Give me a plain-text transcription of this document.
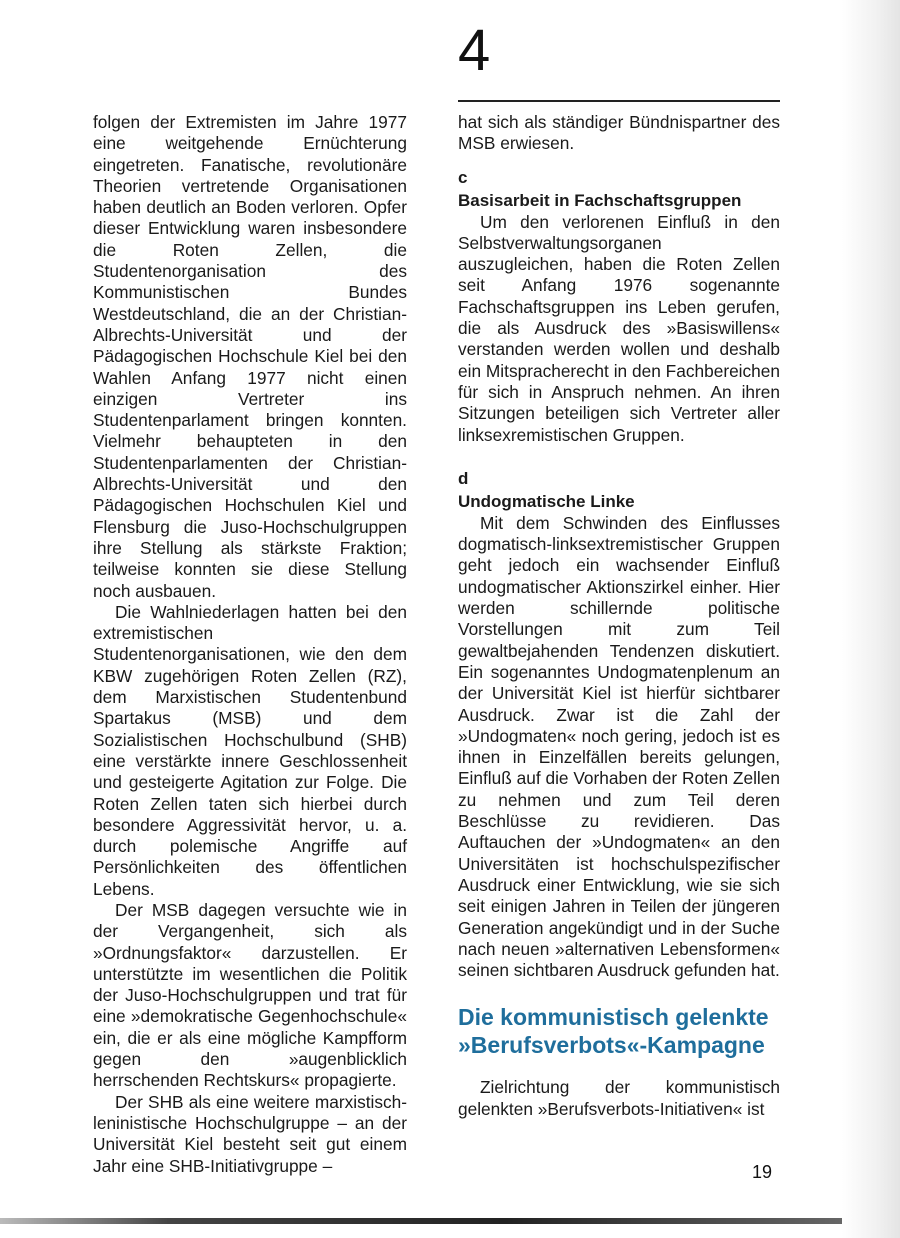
4

folgen der Extremisten im Jahre 1977 eine weitgehende Ernüchterung eingetreten. Fanatische, revolutionäre Theorien vertretende Organisationen haben deutlich an Boden verloren. Opfer dieser Entwicklung waren insbesondere die Roten Zellen, die Studentenorganisation des Kommunistischen Bundes Westdeutschland, die an der Christian-Albrechts-Universität und der Pädagogischen Hochschule Kiel bei den Wahlen Anfang 1977 nicht einen einzigen Vertreter ins Studentenparlament bringen konnten. Vielmehr behaupteten in den Studentenparlamenten der Christian-Albrechts-Universität und den Pädagogischen Hochschulen Kiel und Flensburg die Juso-Hochschulgruppen ihre Stellung als stärkste Fraktion; teilweise konnten sie diese Stellung noch ausbauen.

Die Wahlniederlagen hatten bei den extremistischen Studentenorganisationen, wie den dem KBW zugehörigen Roten Zellen (RZ), dem Marxistischen Studentenbund Spartakus (MSB) und dem Sozialistischen Hochschulbund (SHB) eine verstärkte innere Geschlossenheit und gesteigerte Agitation zur Folge. Die Roten Zellen taten sich hierbei durch besondere Aggressivität hervor, u. a. durch polemische Angriffe auf Persönlichkeiten des öffentlichen Lebens.

Der MSB dagegen versuchte wie in der Vergangenheit, sich als »Ordnungsfaktor« darzustellen. Er unterstützte im wesentlichen die Politik der Juso-Hochschulgruppen und trat für eine »demokratische Gegenhochschule« ein, die er als eine mögliche Kampfform gegen den »augenblicklich herrschenden Rechtskurs« propagierte.

Der SHB als eine weitere marxistisch-leninistische Hochschulgruppe – an der Universität Kiel besteht seit gut einem Jahr eine SHB-Initiativgruppe –

hat sich als ständiger Bündnispartner des MSB erwiesen.

c
Basisarbeit in Fachschaftsgruppen

Um den verlorenen Einfluß in den Selbstverwaltungsorganen auszugleichen, haben die Roten Zellen seit Anfang 1976 sogenannte Fachschaftsgruppen ins Leben gerufen, die als Ausdruck des »Basiswillens« verstanden werden wollen und deshalb ein Mitspracherecht in den Fachbereichen für sich in Anspruch nehmen. An ihren Sitzungen beteiligen sich Vertreter aller linksexremistischen Gruppen.

d
Undogmatische Linke

Mit dem Schwinden des Einflusses dogmatisch-linksextremistischer Gruppen geht jedoch ein wachsender Einfluß undogmatischer Aktionszirkel einher. Hier werden schillernde politische Vorstellungen mit zum Teil gewaltbejahenden Tendenzen diskutiert. Ein sogenanntes Undogmatenplenum an der Universität Kiel ist hierfür sichtbarer Ausdruck. Zwar ist die Zahl der »Undogmaten« noch gering, jedoch ist es ihnen in Einzelfällen bereits gelungen, Einfluß auf die Vorhaben der Roten Zellen zu nehmen und zum Teil deren Beschlüsse zu revidieren. Das Auftauchen der »Undogmaten« an den Universitäten ist hochschulspezifischer Ausdruck einer Entwicklung, wie sie sich seit einigen Jahren in Teilen der jüngeren Generation angekündigt und in der Suche nach neuen »alternativen Lebensformen« seinen sichtbaren Ausdruck gefunden hat.

Die kommunistisch gelenkte
»Berufsverbots«-Kampagne

Zielrichtung der kommunistisch gelenkten »Berufsverbots-Initiativen« ist

19
